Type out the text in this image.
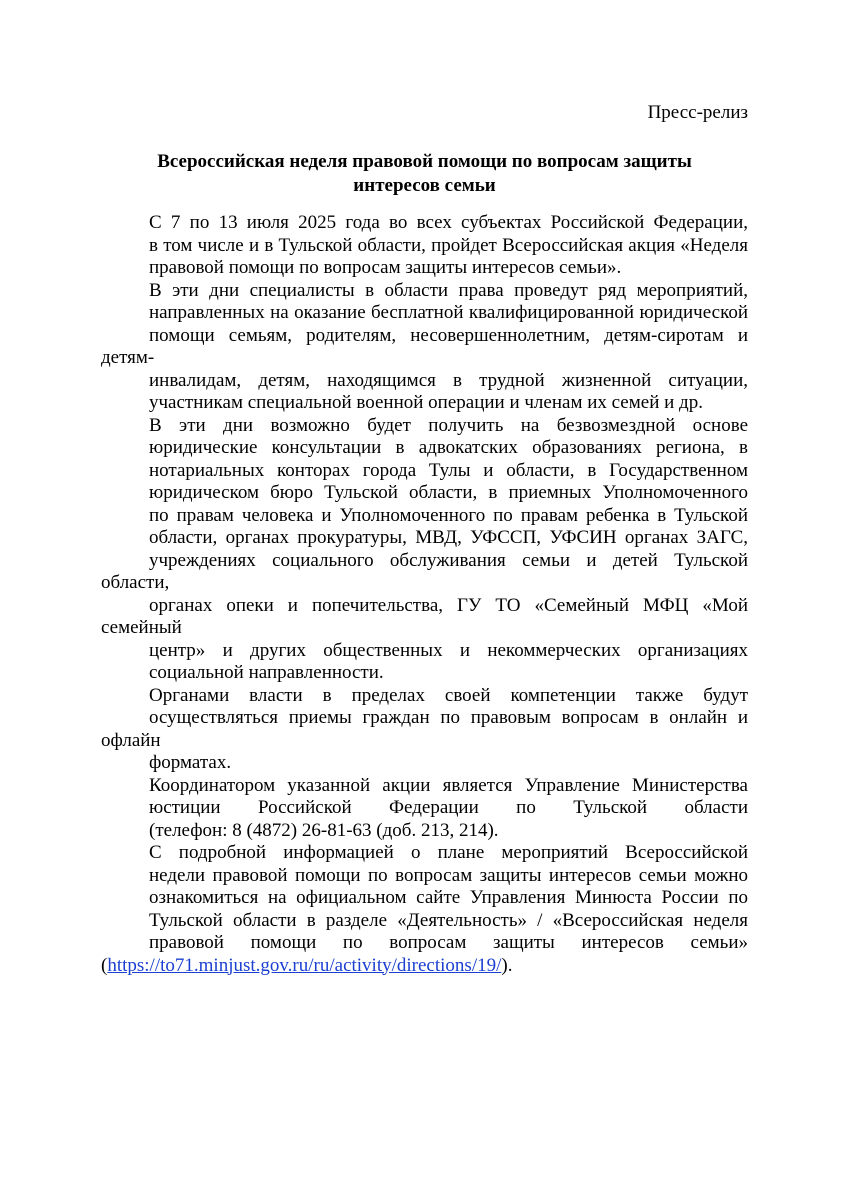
Пресс-релиз
Всероссийская неделя правовой помощи по вопросам защиты
интересов семьи

С 7 по 13 июля 2025 года во всех субъектах Российской Федерации,
в том числе и в Тульской области, пройдет Всероссийская акция «Неделя
правовой помощи по вопросам защиты интересов семьи».

В эти дни специалисты в области права проведут ряд мероприятий,
направленных на оказание бесплатной квалифицированной юридической
помощи семьям, родителям, несовершеннолетним, детям-сиротам и детям-
инвалидам, детям, находящимся в трудной жизненной ситуации,
участникам специальной военной операции и членам их семей и др.

В эти дни возможно будет получить на безвозмездной основе
юридические консультации в адвокатских образованиях региона, в
нотариальных конторах города Тулы и области, в Государственном
юридическом бюро Тульской области, в приемных Уполномоченного
по правам человека и Уполномоченного по правам ребенка в Тульской
области, органах прокуратуры, МВД, УФССП, УФСИН органах ЗАГС,
учреждениях социального обслуживания семьи и детей Тульской области,
органах опеки и попечительства, ГУ ТО «Семейный МФЦ «Мой семейный
центр» и других общественных и некоммерческих организациях
социальной направленности.

Органами власти в пределах своей компетенции также будут
осуществляться приемы граждан по правовым вопросам в онлайн и офлайн
форматах.

Координатором указанной акции является Управление Министерства
юстиции Российской Федерации по Тульской области
(телефон: 8 (4872) 26-81-63 (доб. 213, 214).

С подробной информацией о плане мероприятий Всероссийской
недели правовой помощи по вопросам защиты интересов семьи можно
ознакомиться на официальном сайте Управления Минюста России по
Тульской области в разделе «Деятельность» / «Всероссийская неделя
правовой помощи по вопросам защиты интересов семьи»
(https://to71.minjust.gov.ru/ru/activity/directions/19/).
